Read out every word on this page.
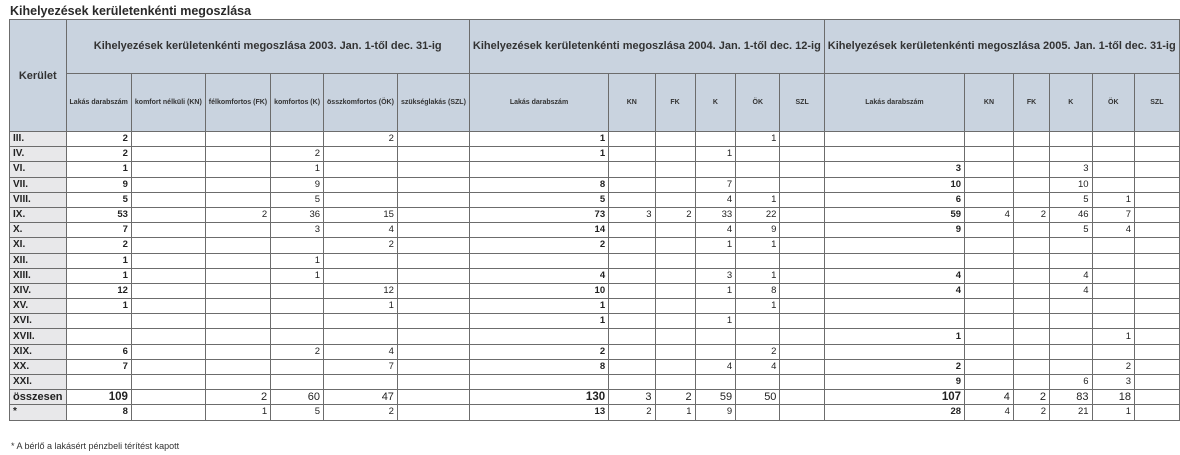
Kihelyezések kerületenkénti megoszlása
Kerület	Kihelyezések kerületenkénti megoszlása 2003. Jan. 1-től dec. 31-ig						Kihelyezések kerületenkénti megoszlása 2004. Jan. 1-től dec. 12-ig						Kihelyezések kerületenkénti megoszlása 2005. Jan. 1-től dec. 31-ig					
	Lakás darabszám	komfort nélküli (KN)	félkomfortos (FK)	komfortos (K)	összkomfortos (ÖK)	szükséglakás (SZL)	Lakás darabszám	KN	FK	K	ÖK	SZL	Lakás darabszám	KN	FK	K	ÖK	SZL
III.	2				2		1				1							
IV.	2			2			1			1								
VI.	1			1									3			3		
VII.	9			9			8			7			10			10		
VIII.	5			5			5			4	1		6			5	1	
IX.	53		2	36	15		73	3	2	33	22		59	4	2	46	7	
X.	7			3	4		14			4	9		9			5	4	
XI.	2				2		2			1	1							
XII.	1			1														
XIII.	1			1			4			3	1		4			4		
XIV.	12				12		10			1	8		4			4		
XV.	1				1		1				1							
XVI.							1			1								
XVII.													1				1	
XIX.	6			2	4		2				2							
XX.	7				7		8			4	4		2				2	
XXI.													9			6	3	
összesen	109		2	60	47		130	3	2	59	50		107	4	2	83	18	
*	8		1	5	2		13	2	1	9			28	4	2	21	1	
* A bérlő a lakásért pénzbeli térítést kapott
